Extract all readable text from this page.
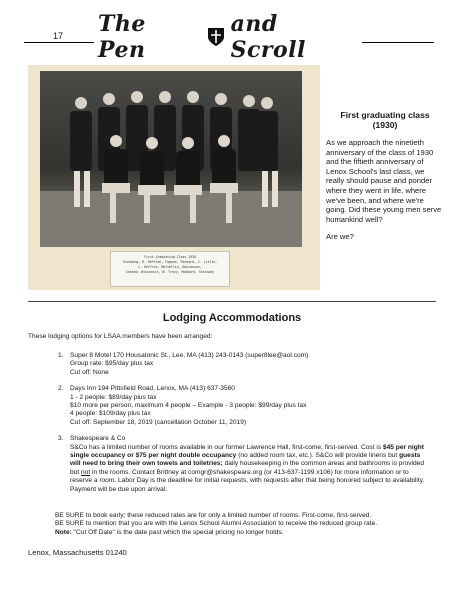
17	The Pen
and Scroll
First Graduating Class 1930
Standing: R. Heffron, Fagone, Packard, J. Little,
L. Heffron, Malvellis, Duncanson,
Seated: Wisconsin, W. Tracy, Hubbard, Steinway
First graduating class
(1930)

As we approach the ninetieth anniversary of the class of 1930 and the fiftieth anniversary of Lenox School's last class, we really should pause and ponder where they went in life, where we've been, and where we're going. Did these young men serve humankind well?

Are we?

Lodging Accommodations
These lodging options for LSAA members have been arranged:
1. Super 8 Motel 170 Housatonic St., Lee, MA (413) 243-0143 (super8lee@aol.com)
Group rate: $95/day plus tax
Cut off: None
2. Days Inn 194 Pittsfield Road, Lenox, MA (413) 637-3560
1 - 2 people: $89/day plus tax
$10 more per person, maximum 4 people – Example - 3 people: $99/day plus tax
4 people: $109/day plus tax
Cut off: September 18, 2019 (cancellation October 11, 2019)
3. Shakespeare & Co
S&Co has a limited number of rooms available in our former Lawrence Hall, first-come, first-served. Cost is $45 per night single occupancy or $75 per night double occupancy (no added room tax, etc.). S&Co will provide linens but guests will need to bring their own towels and toiletries; daily housekeeping in the common areas and bathrooms is provided but not in the rooms. Contact Brittney at comgr@shakespeare.org (or 413-637-1199 x106) for more information or to reserve a room. Labor Day is the deadline for initial requests, with requests after that being honored subject to availability. Payment will be due upon arrival.
BE SURE to book early; these reduced rates are for only a limited number of rooms. First-come, first-served.
BE SURE to mention that you are with the Lenox School Alumni Association to receive the reduced group rate.
Note: "Cut Off Date" is the date past which the special pricing no longer holds.
Lenox, Massachusetts 01240
